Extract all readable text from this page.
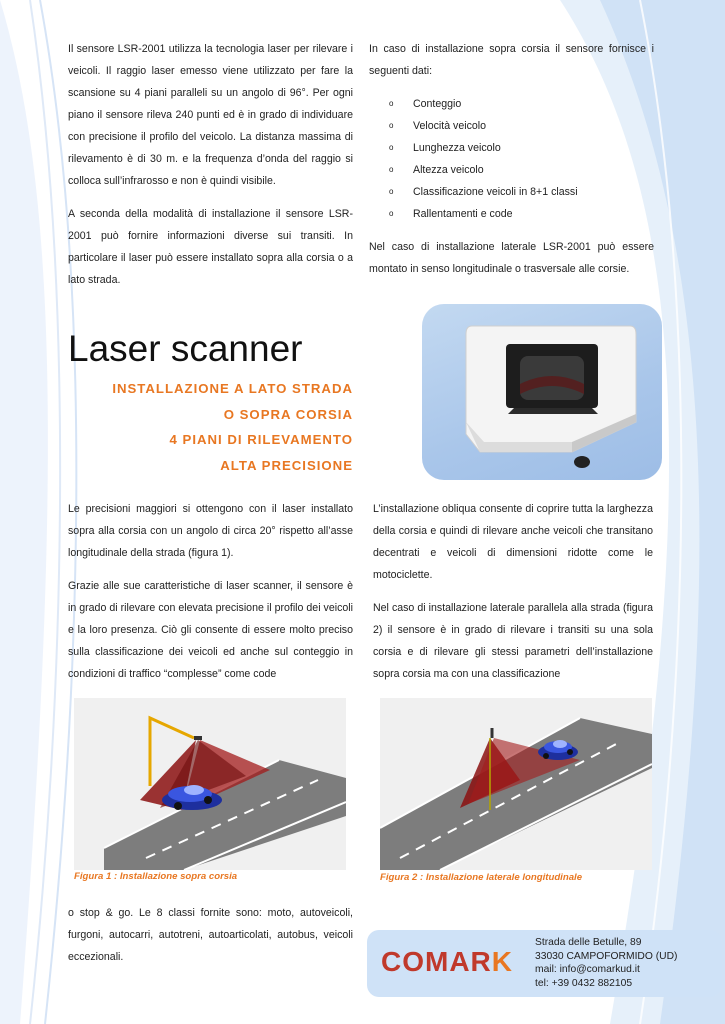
Il sensore LSR-2001 utilizza la tecnologia laser per rilevare i veicoli. Il raggio laser emesso viene utilizzato per fare la scansione su 4 piani paralleli su un angolo di 96°. Per ogni piano il sensore rileva 240 punti ed è in grado di individuare con precisione il profilo del veicolo. La distanza massima di rilevamento è di 30 m. e la frequenza d’onda del raggio si colloca sull’infrarosso e non è quindi visibile.

A seconda della modalità di installazione il sensore LSR-2001 può fornire informazioni diverse sui transiti. In particolare il laser può essere installato sopra alla corsia o a lato strada.

In caso di installazione sopra corsia il sensore fornisce i seguenti dati:

o Conteggio
o Velocità veicolo
o Lunghezza veicolo
o Altezza veicolo
o Classificazione veicoli in 8+1 classi
o Rallentamenti e code

Nel caso di installazione laterale LSR-2001 può essere montato in senso longitudinale o trasversale alle corsie.

Laser scanner
INSTALLAZIONE A LATO STRADA
O SOPRA CORSIA
4 PIANI DI RILEVAMENTO
ALTA PRECISIONE

Le precisioni maggiori si ottengono con il laser installato sopra alla corsia con un angolo di circa 20° rispetto all’asse longitudinale della strada (figura 1).

Grazie alle sue caratteristiche di laser scanner, il sensore è in grado di rilevare con elevata precisione il profilo dei veicoli e la loro presenza. Ciò gli consente di essere molto preciso sulla classificazione dei veicoli ed anche sul conteggio in condizioni di traffico “complesse” come code

L’installazione obliqua consente di coprire tutta la larghezza della corsia e quindi di rilevare anche veicoli che transitano decentrati e veicoli di dimensioni ridotte come le motociclette.

Nel caso di installazione laterale parallela alla strada (figura 2) il sensore è in grado di rilevare i transiti su una sola corsia e di rilevare gli stessi parametri dell’installazione sopra corsia ma con una classificazione

Figura 1 : Installazione sopra corsia	Figura 2 : Installazione laterale longitudinale

o stop & go. Le 8 classi fornite sono: moto, autoveicoli, furgoni, autocarri, autotreni, autoarticolati, autobus, veicoli eccezionali.	COMARK
Strada delle Betulle, 89
33030 CAMPOFORMIDO (UD)
mail: info@comarkud.it
tel: +39 0432 882105
